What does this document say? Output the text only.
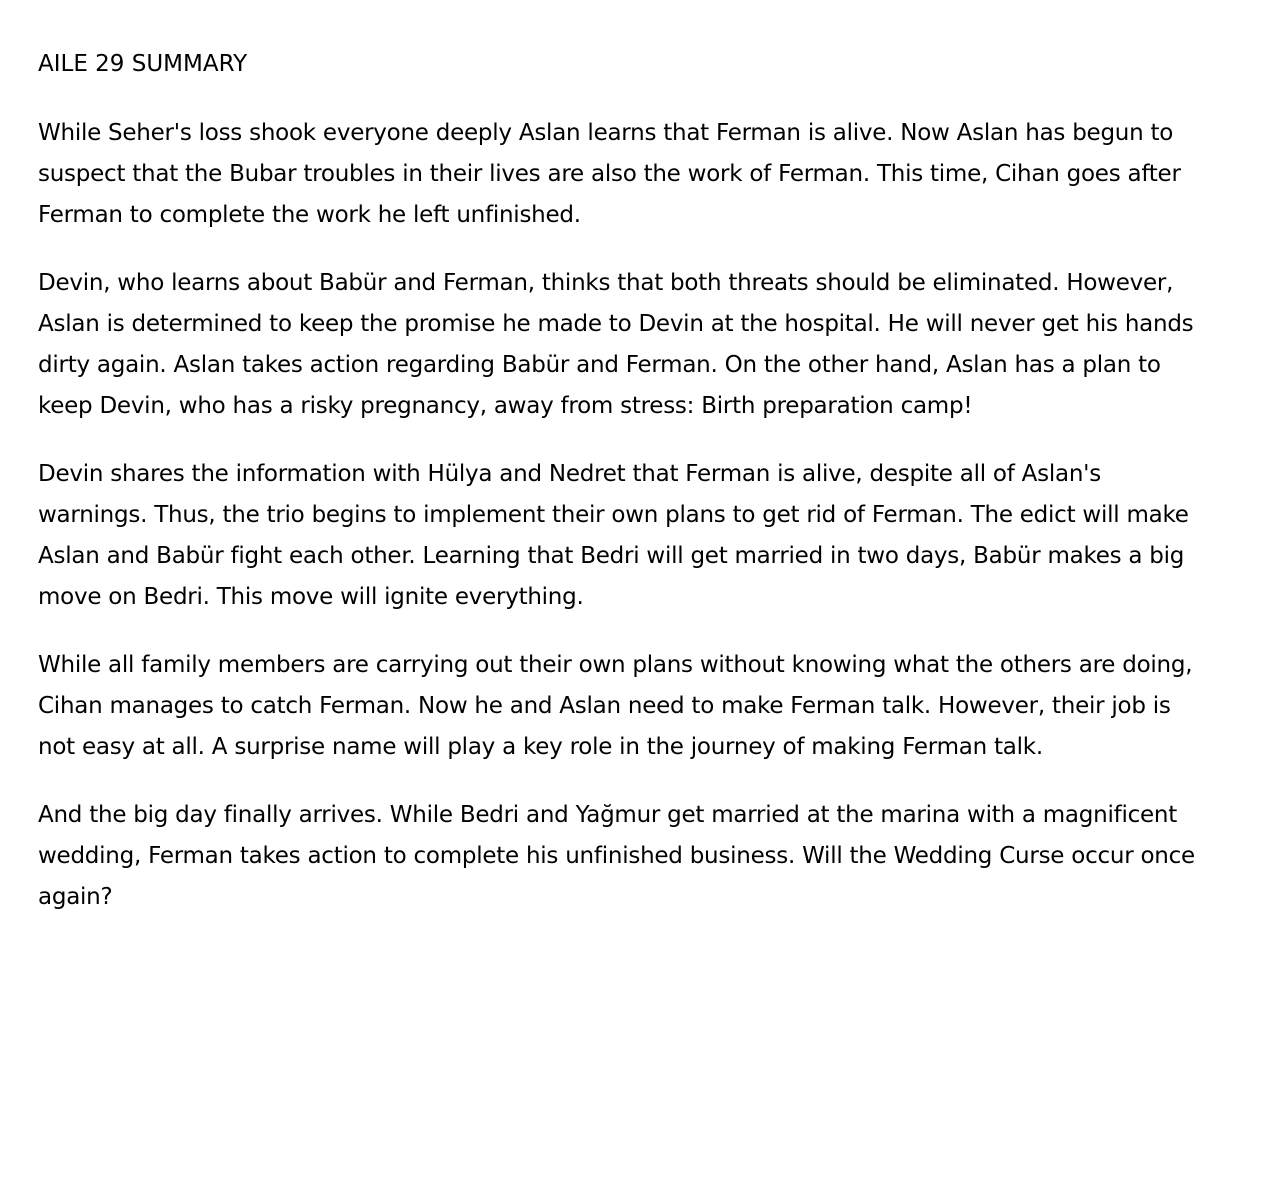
AILE 29 SUMMARY

While Seher's loss shook everyone deeply Aslan learns that Ferman is alive. Now Aslan has begun to suspect that the Bubar troubles in their lives are also the work of Ferman. This time, Cihan goes after Ferman to complete the work he left unfinished.

Devin, who learns about Babür and Ferman, thinks that both threats should be eliminated. However, Aslan is determined to keep the promise he made to Devin at the hospital. He will never get his hands dirty again. Aslan takes action regarding Babür and Ferman. On the other hand, Aslan has a plan to keep Devin, who has a risky pregnancy, away from stress: Birth preparation camp!

Devin shares the information with Hülya and Nedret that Ferman is alive, despite all of Aslan's warnings. Thus, the trio begins to implement their own plans to get rid of Ferman. The edict will make Aslan and Babür fight each other. Learning that Bedri will get married in two days, Babür makes a big move on Bedri. This move will ignite everything.

While all family members are carrying out their own plans without knowing what the others are doing, Cihan manages to catch Ferman. Now he and Aslan need to make Ferman talk. However, their job is not easy at all. A surprise name will play a key role in the journey of making Ferman talk.

And the big day finally arrives. While Bedri and Yağmur get married at the marina with a magnificent wedding, Ferman takes action to complete his unfinished business. Will the Wedding Curse occur once again?
